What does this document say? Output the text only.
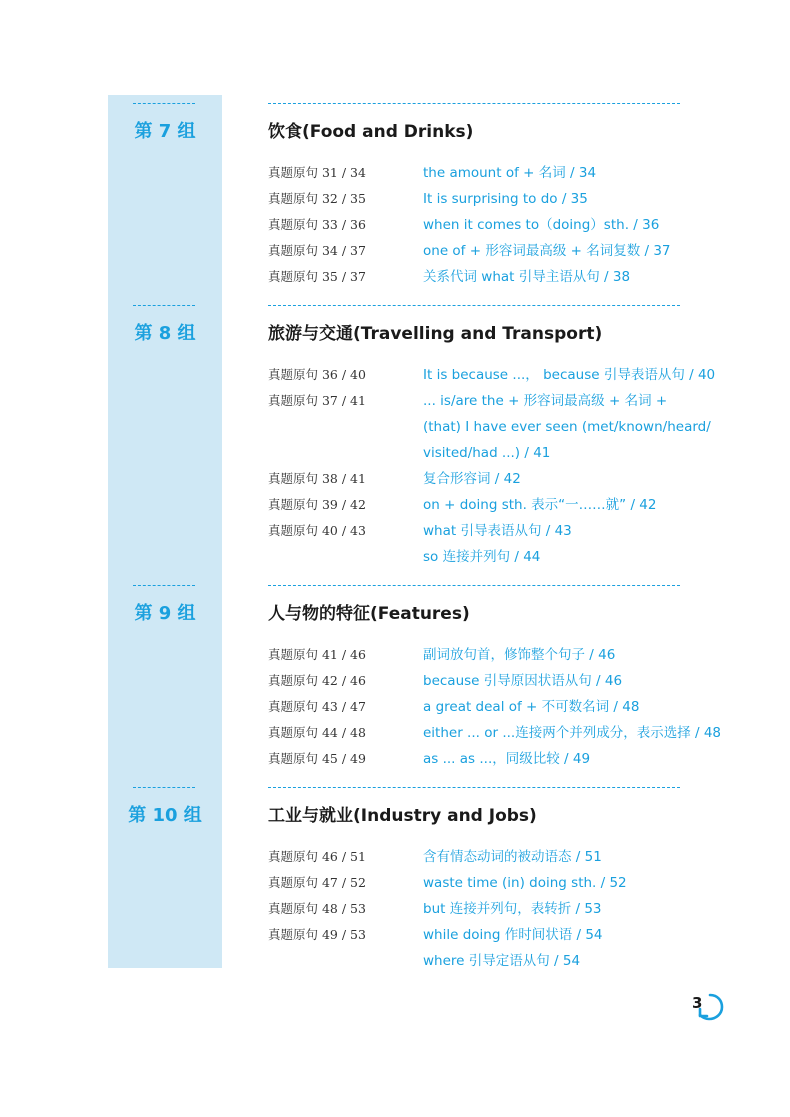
第 7 组	饮食(Food and Drinks)
真题原句 31 / 34	the amount of + 名词 / 34
真题原句 32 / 35	It is surprising to do / 35
真题原句 33 / 36	when it comes to（doing）sth. / 36
真题原句 34 / 37	one of + 形容词最高级 + 名词复数 / 37
真题原句 35 / 37	关系代词 what 引导主语从句 / 38
第 8 组	旅游与交通(Travelling and Transport)
真题原句 36 / 40	It is because ...， because 引导表语从句 / 40
真题原句 37 / 41	... is/are the + 形容词最高级 + 名词 +
(that) I have ever seen (met/known/heard/
visited/had ...) / 41
真题原句 38 / 41	复合形容词 / 42
真题原句 39 / 42	on + doing sth. 表示“一……就” / 42
真题原句 40 / 43	what 引导表语从句 / 43
so 连接并列句 / 44
第 9 组	人与物的特征(Features)
真题原句 41 / 46	副词放句首，修饰整个句子 / 46
真题原句 42 / 46	because 引导原因状语从句 / 46
真题原句 43 / 47	a great deal of + 不可数名词 / 48
真题原句 44 / 48	either ... or ...连接两个并列成分，表示选择 / 48
真题原句 45 / 49	as ... as ...，同级比较 / 49
第 10 组	工业与就业(Industry and Jobs)
真题原句 46 / 51	含有情态动词的被动语态 / 51
真题原句 47 / 52	waste time (in) doing sth. / 52
真题原句 48 / 53	but 连接并列句，表转折 / 53
真题原句 49 / 53	while doing 作时间状语 / 54
where 引导定语从句 / 54
3
